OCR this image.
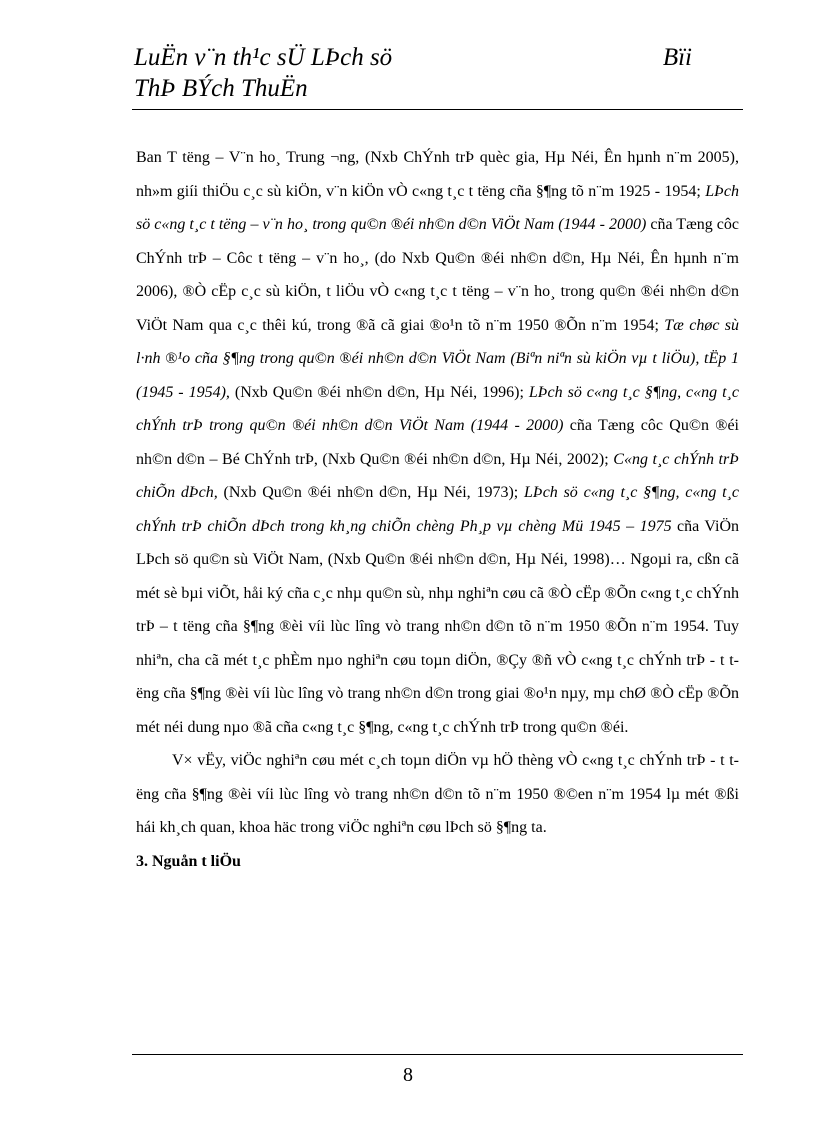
LuËn v¨n th¹c sÜ LÞch sö	Bïi
ThÞ BÝch ThuËn

Ban T tëng – V¨n ho¸ Trung ¬ng, (Nxb ChÝnh trÞ quèc gia, Hµ Néi, Ên hµnh n¨m 2005), nh»m giíi thiÖu c¸c sù kiÖn, v¨n kiÖn vÒ c«ng t¸c t tëng cña §¶ng tõ n¨m 1925 - 1954; LÞch sö c«ng t¸c t tëng – v¨n ho¸ trong qu©n ®éi nh©n d©n ViÖt Nam (1944 - 2000) cña Tæng côc ChÝnh trÞ – Côc t tëng – v¨n ho¸, (do Nxb Qu©n ®éi nh©n d©n, Hµ Néi, Ên hµnh n¨m 2006), ®Ò cËp c¸c sù kiÖn, t liÖu vÒ c«ng t¸c t tëng – v¨n ho¸ trong qu©n ®éi nh©n d©n ViÖt Nam qua c¸c thêi kú, trong ®ã cã giai ®o¹n tõ n¨m 1950 ®Õn n¨m 1954; Tæ chøc sù l·nh ®¹o cña §¶ng trong qu©n ®éi nh©n d©n ViÖt Nam (Biªn niªn sù kiÖn vµ t liÖu), tËp 1 (1945 - 1954), (Nxb Qu©n ®éi nh©n d©n, Hµ Néi, 1996); LÞch sö c«ng t¸c §¶ng, c«ng t¸c chÝnh trÞ trong qu©n ®éi nh©n d©n ViÖt Nam (1944 - 2000) cña Tæng côc Qu©n ®éi nh©n d©n – Bé ChÝnh trÞ, (Nxb Qu©n ®éi nh©n d©n, Hµ Néi, 2002); C«ng t¸c chÝnh trÞ chiÕn dÞch, (Nxb Qu©n ®éi nh©n d©n, Hµ Néi, 1973); LÞch sö c«ng t¸c §¶ng, c«ng t¸c chÝnh trÞ chiÕn dÞch trong kh¸ng chiÕn chèng Ph¸p vµ chèng Mü 1945 – 1975 cña ViÖn LÞch sö qu©n sù ViÖt Nam, (Nxb Qu©n ®éi nh©n d©n, Hµ Néi, 1998)… Ngoµi ra, cßn cã mét sè bµi viÕt, håi ký cña c¸c nhµ qu©n sù, nhµ nghiªn cøu cã ®Ò cËp ®Õn c«ng t¸c chÝnh trÞ – t tëng cña §¶ng ®èi víi lùc lîng vò trang nh©n d©n tõ n¨m 1950 ®Õn n¨m 1954. Tuy nhiªn, cha cã mét t¸c phÈm nµo nghiªn cøu toµn diÖn, ®Çy ®ñ vÒ c«ng t¸c chÝnh trÞ - t tëng cña §¶ng ®èi víi lùc lîng vò trang nh©n d©n trong giai ®o¹n nµy, mµ chØ ®Ò cËp ®Õn mét néi dung nµo ®ã cña c«ng t¸c §¶ng, c«ng t¸c chÝnh trÞ trong qu©n ®éi.

V× vËy, viÖc nghiªn cøu mét c¸ch toµn diÖn vµ hÖ thèng vÒ c«ng t¸c chÝnh trÞ - t tëng cña §¶ng ®èi víi lùc lîng vò trang nh©n d©n tõ n¨m 1950 ®©en n¨m 1954 lµ mét ®ßi hái kh¸ch quan, khoa häc trong viÖc nghiªn cøu lÞch sö §¶ng ta.

3. Nguån t liÖu

8
